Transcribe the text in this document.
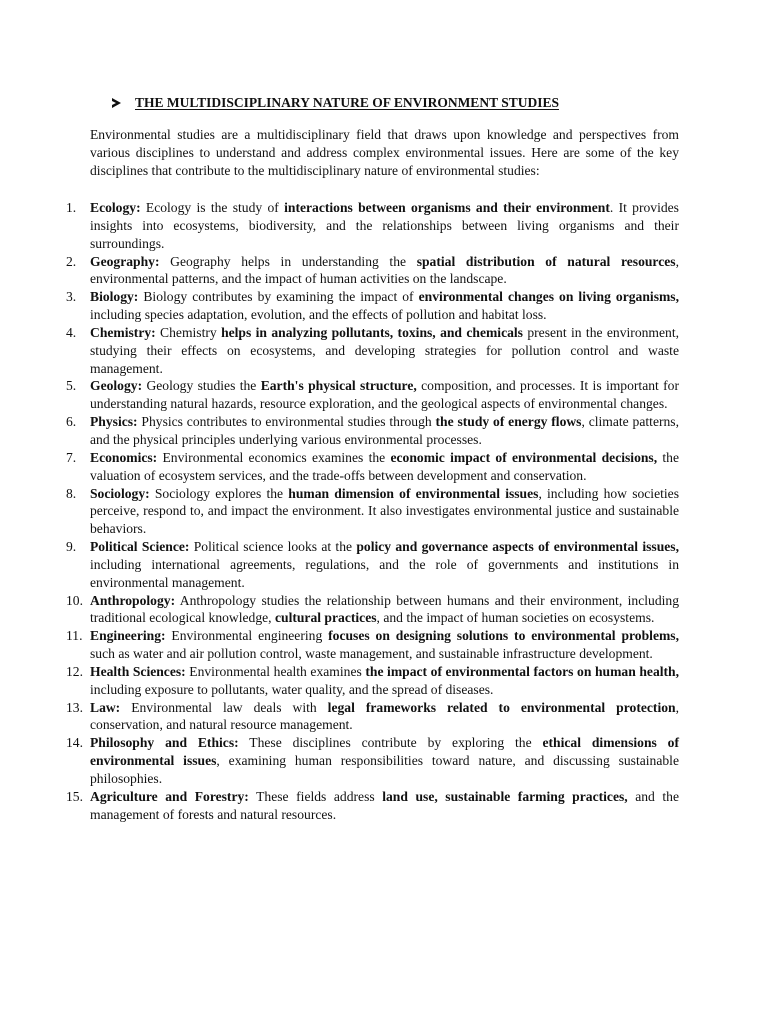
THE MULTIDISCIPLINARY NATURE OF ENVIRONMENT STUDIES

Environmental studies are a multidisciplinary field that draws upon knowledge and perspectives from various disciplines to understand and address complex environmental issues. Here are some of the key disciplines that contribute to the multidisciplinary nature of environmental studies:

1.	Ecology: Ecology is the study of interactions between organisms and their environment. It provides insights into ecosystems, biodiversity, and the relationships between living organisms and their surroundings.
2.	Geography: Geography helps in understanding the spatial distribution of natural resources, environmental patterns, and the impact of human activities on the landscape.
3.	Biology: Biology contributes by examining the impact of environmental changes on living organisms, including species adaptation, evolution, and the effects of pollution and habitat loss.
4.	Chemistry: Chemistry helps in analyzing pollutants, toxins, and chemicals present in the environment, studying their effects on ecosystems, and developing strategies for pollution control and waste management.
5.	Geology: Geology studies the Earth's physical structure, composition, and processes. It is important for understanding natural hazards, resource exploration, and the geological aspects of environmental changes.
6.	Physics: Physics contributes to environmental studies through the study of energy flows, climate patterns, and the physical principles underlying various environmental processes.
7.	Economics: Environmental economics examines the economic impact of environmental decisions, the valuation of ecosystem services, and the trade-offs between development and conservation.
8.	Sociology: Sociology explores the human dimension of environmental issues, including how societies perceive, respond to, and impact the environment. It also investigates environmental justice and sustainable behaviors.
9.	Political Science: Political science looks at the policy and governance aspects of environmental issues, including international agreements, regulations, and the role of governments and institutions in environmental management.
10. Anthropology: Anthropology studies the relationship between humans and their environment, including traditional ecological knowledge, cultural practices, and the impact of human societies on ecosystems.
11. Engineering: Environmental engineering focuses on designing solutions to environmental problems, such as water and air pollution control, waste management, and sustainable infrastructure development.
12. Health Sciences: Environmental health examines the impact of environmental factors on human health, including exposure to pollutants, water quality, and the spread of diseases.
13. Law: Environmental law deals with legal frameworks related to environmental protection, conservation, and natural resource management.
14. Philosophy and Ethics: These disciplines contribute by exploring the ethical dimensions of environmental issues, examining human responsibilities toward nature, and discussing sustainable philosophies.
15. Agriculture and Forestry: These fields address land use, sustainable farming practices, and the management of forests and natural resources.
